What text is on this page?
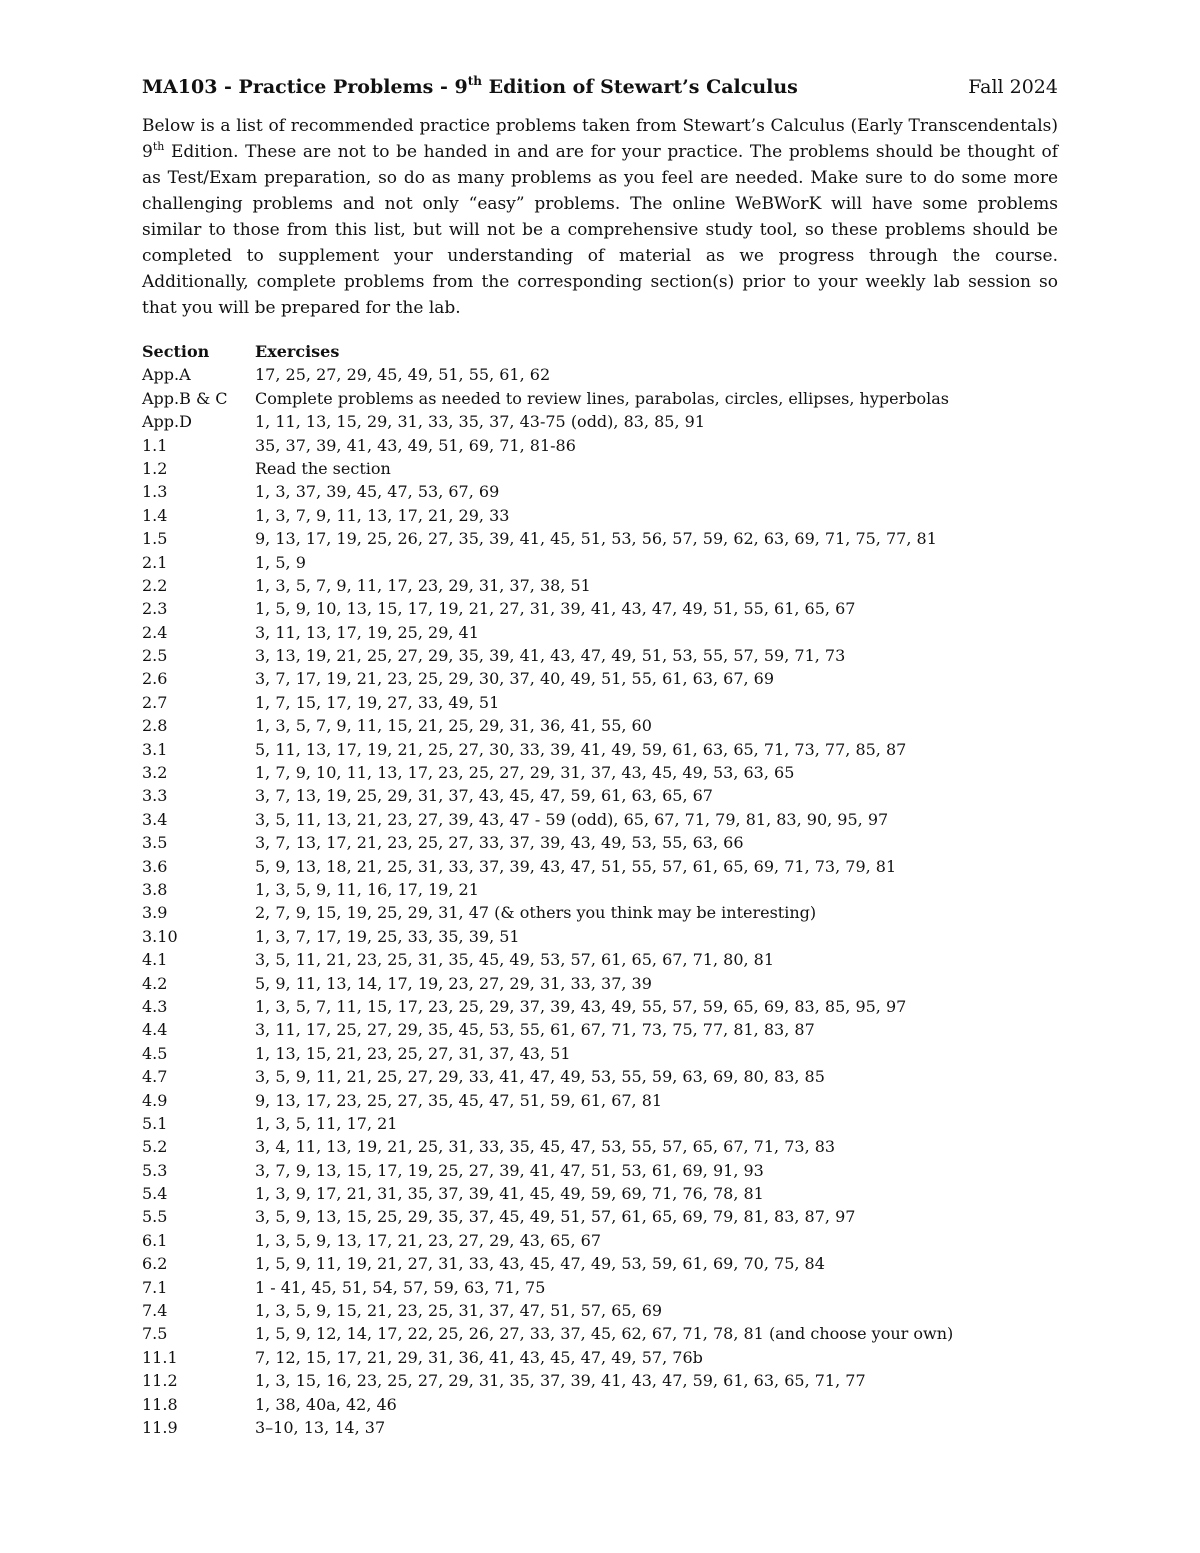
MA103 - Practice Problems - 9th Edition of Stewart’s Calculus	Fall 2024

Below is a list of recommended practice problems taken from Stewart’s Calculus (Early Transcendentals) 9th Edition. These are not to be handed in and are for your practice. The problems should be thought of as Test/Exam preparation, so do as many problems as you feel are needed. Make sure to do some more challenging problems and not only “easy” problems. The online WeBWorK will have some problems similar to those from this list, but will not be a comprehensive study tool, so these problems should be completed to supplement your understanding of material as we progress through the course. Additionally, complete problems from the corresponding section(s) prior to your weekly lab session so that you will be prepared for the lab.

Section	Exercises
App.A	17, 25, 27, 29, 45, 49, 51, 55, 61, 62
App.B & C	Complete problems as needed to review lines, parabolas, circles, ellipses, hyperbolas
App.D	1, 11, 13, 15, 29, 31, 33, 35, 37, 43-75 (odd), 83, 85, 91
1.1	35, 37, 39, 41, 43, 49, 51, 69, 71, 81-86
1.2	Read the section
1.3	1, 3, 37, 39, 45, 47, 53, 67, 69
1.4	1, 3, 7, 9, 11, 13, 17, 21, 29, 33
1.5	9, 13, 17, 19, 25, 26, 27, 35, 39, 41, 45, 51, 53, 56, 57, 59, 62, 63, 69, 71, 75, 77, 81
2.1	1, 5, 9
2.2	1, 3, 5, 7, 9, 11, 17, 23, 29, 31, 37, 38, 51
2.3	1, 5, 9, 10, 13, 15, 17, 19, 21, 27, 31, 39, 41, 43, 47, 49, 51, 55, 61, 65, 67
2.4	3, 11, 13, 17, 19, 25, 29, 41
2.5	3, 13, 19, 21, 25, 27, 29, 35, 39, 41, 43, 47, 49, 51, 53, 55, 57, 59, 71, 73
2.6	3, 7, 17, 19, 21, 23, 25, 29, 30, 37, 40, 49, 51, 55, 61, 63, 67, 69
2.7	1, 7, 15, 17, 19, 27, 33, 49, 51
2.8	1, 3, 5, 7, 9, 11, 15, 21, 25, 29, 31, 36, 41, 55, 60
3.1	5, 11, 13, 17, 19, 21, 25, 27, 30, 33, 39, 41, 49, 59, 61, 63, 65, 71, 73, 77, 85, 87
3.2	1, 7, 9, 10, 11, 13, 17, 23, 25, 27, 29, 31, 37, 43, 45, 49, 53, 63, 65
3.3	3, 7, 13, 19, 25, 29, 31, 37, 43, 45, 47, 59, 61, 63, 65, 67
3.4	3, 5, 11, 13, 21, 23, 27, 39, 43, 47 - 59 (odd), 65, 67, 71, 79, 81, 83, 90, 95, 97
3.5	3, 7, 13, 17, 21, 23, 25, 27, 33, 37, 39, 43, 49, 53, 55, 63, 66
3.6	5, 9, 13, 18, 21, 25, 31, 33, 37, 39, 43, 47, 51, 55, 57, 61, 65, 69, 71, 73, 79, 81
3.8	1, 3, 5, 9, 11, 16, 17, 19, 21
3.9	2, 7, 9, 15, 19, 25, 29, 31, 47 (& others you think may be interesting)
3.10	1, 3, 7, 17, 19, 25, 33, 35, 39, 51
4.1	3, 5, 11, 21, 23, 25, 31, 35, 45, 49, 53, 57, 61, 65, 67, 71, 80, 81
4.2	5, 9, 11, 13, 14, 17, 19, 23, 27, 29, 31, 33, 37, 39
4.3	1, 3, 5, 7, 11, 15, 17, 23, 25, 29, 37, 39, 43, 49, 55, 57, 59, 65, 69, 83, 85, 95, 97
4.4	3, 11, 17, 25, 27, 29, 35, 45, 53, 55, 61, 67, 71, 73, 75, 77, 81, 83, 87
4.5	1, 13, 15, 21, 23, 25, 27, 31, 37, 43, 51
4.7	3, 5, 9, 11, 21, 25, 27, 29, 33, 41, 47, 49, 53, 55, 59, 63, 69, 80, 83, 85
4.9	9, 13, 17, 23, 25, 27, 35, 45, 47, 51, 59, 61, 67, 81
5.1	1, 3, 5, 11, 17, 21
5.2	3, 4, 11, 13, 19, 21, 25, 31, 33, 35, 45, 47, 53, 55, 57, 65, 67, 71, 73, 83
5.3	3, 7, 9, 13, 15, 17, 19, 25, 27, 39, 41, 47, 51, 53, 61, 69, 91, 93
5.4	1, 3, 9, 17, 21, 31, 35, 37, 39, 41, 45, 49, 59, 69, 71, 76, 78, 81
5.5	3, 5, 9, 13, 15, 25, 29, 35, 37, 45, 49, 51, 57, 61, 65, 69, 79, 81, 83, 87, 97
6.1	1, 3, 5, 9, 13, 17, 21, 23, 27, 29, 43, 65, 67
6.2	1, 5, 9, 11, 19, 21, 27, 31, 33, 43, 45, 47, 49, 53, 59, 61, 69, 70, 75, 84
7.1	1 - 41, 45, 51, 54, 57, 59, 63, 71, 75
7.4	1, 3, 5, 9, 15, 21, 23, 25, 31, 37, 47, 51, 57, 65, 69
7.5	1, 5, 9, 12, 14, 17, 22, 25, 26, 27, 33, 37, 45, 62, 67, 71, 78, 81 (and choose your own)
11.1	7, 12, 15, 17, 21, 29, 31, 36, 41, 43, 45, 47, 49, 57, 76b
11.2	1, 3, 15, 16, 23, 25, 27, 29, 31, 35, 37, 39, 41, 43, 47, 59, 61, 63, 65, 71, 77
11.8	1, 38, 40a, 42, 46
11.9	3–10, 13, 14, 37
